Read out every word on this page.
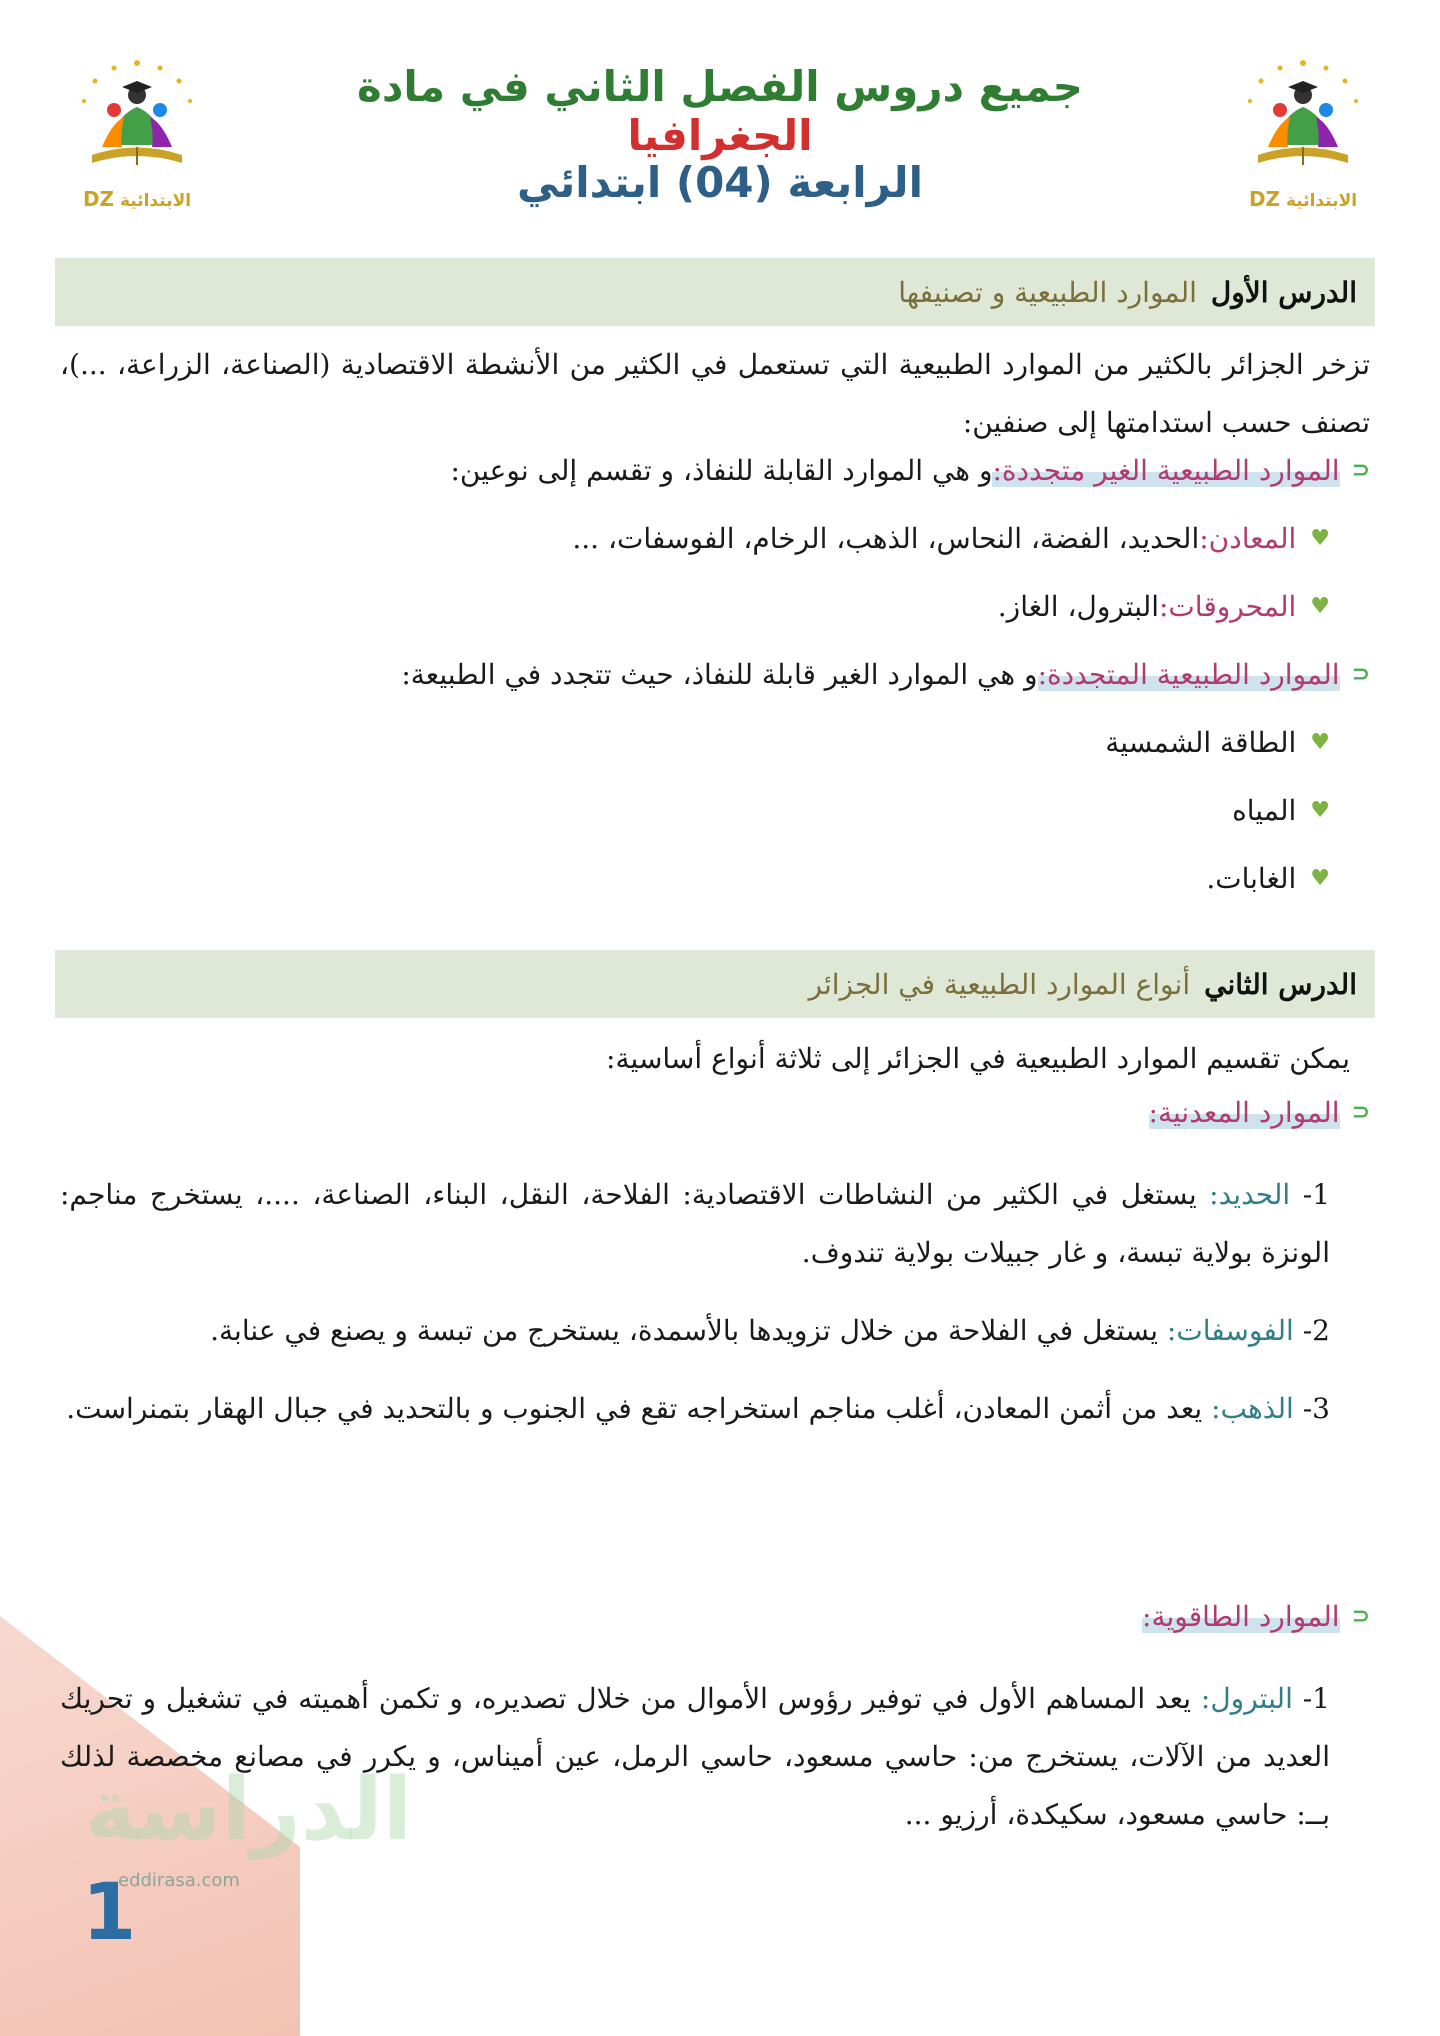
الابتدائية DZ
الابتدائية DZ
جميع دروس الفصل الثاني في مادة الجغرافيا
الرابعة (04) ابتدائي
الدرس الأول
الموارد الطبيعية و تصنيفها
تزخر الجزائر بالكثير من الموارد الطبيعية التي تستعمل في الكثير من الأنشطة الاقتصادية (الصناعة، الزراعة، ...)، تصنف حسب استدامتها إلى صنفين:
⊂
الموارد الطبيعية الغير متجددة:
و هي الموارد القابلة للنفاذ، و تقسم إلى نوعين:
♥
المعادن:
الحديد، الفضة، النحاس، الذهب، الرخام، الفوسفات، ...
♥
المحروقات:
البترول، الغاز.
⊂
الموارد الطبيعية المتجددة:
و هي الموارد الغير قابلة للنفاذ، حيث تتجدد في الطبيعة:
♥
الطاقة الشمسية
♥
المياه
♥
الغابات.
الدرس الثاني
أنواع الموارد الطبيعية في الجزائر
يمكن تقسيم الموارد الطبيعية في الجزائر إلى ثلاثة أنواع أساسية:
⊂
الموارد المعدنية:
1- الحديد: يستغل في الكثير من النشاطات الاقتصادية: الفلاحة، النقل، البناء، الصناعة، ....، يستخرج مناجم: الونزة بولاية تبسة، و غار جبيلات بولاية تندوف.
2- الفوسفات: يستغل في الفلاحة من خلال تزويدها بالأسمدة، يستخرج من تبسة و يصنع في عنابة.
3- الذهب: يعد من أثمن المعادن، أغلب مناجم استخراجه تقع في الجنوب و بالتحديد في جبال الهقار بتمنراست.
⊂
الموارد الطاقوية:
1- البترول: يعد المساهم الأول في توفير رؤوس الأموال من خلال تصديره، و تكمن أهميته في تشغيل و تحريك العديد من الآلات، يستخرج من: حاسي مسعود، حاسي الرمل، عين أميناس، و يكرر في مصانع مخصصة لذلك بــ: حاسي مسعود، سكيكدة، أرزيو ...
الدراسة
eddirasa.com
1
